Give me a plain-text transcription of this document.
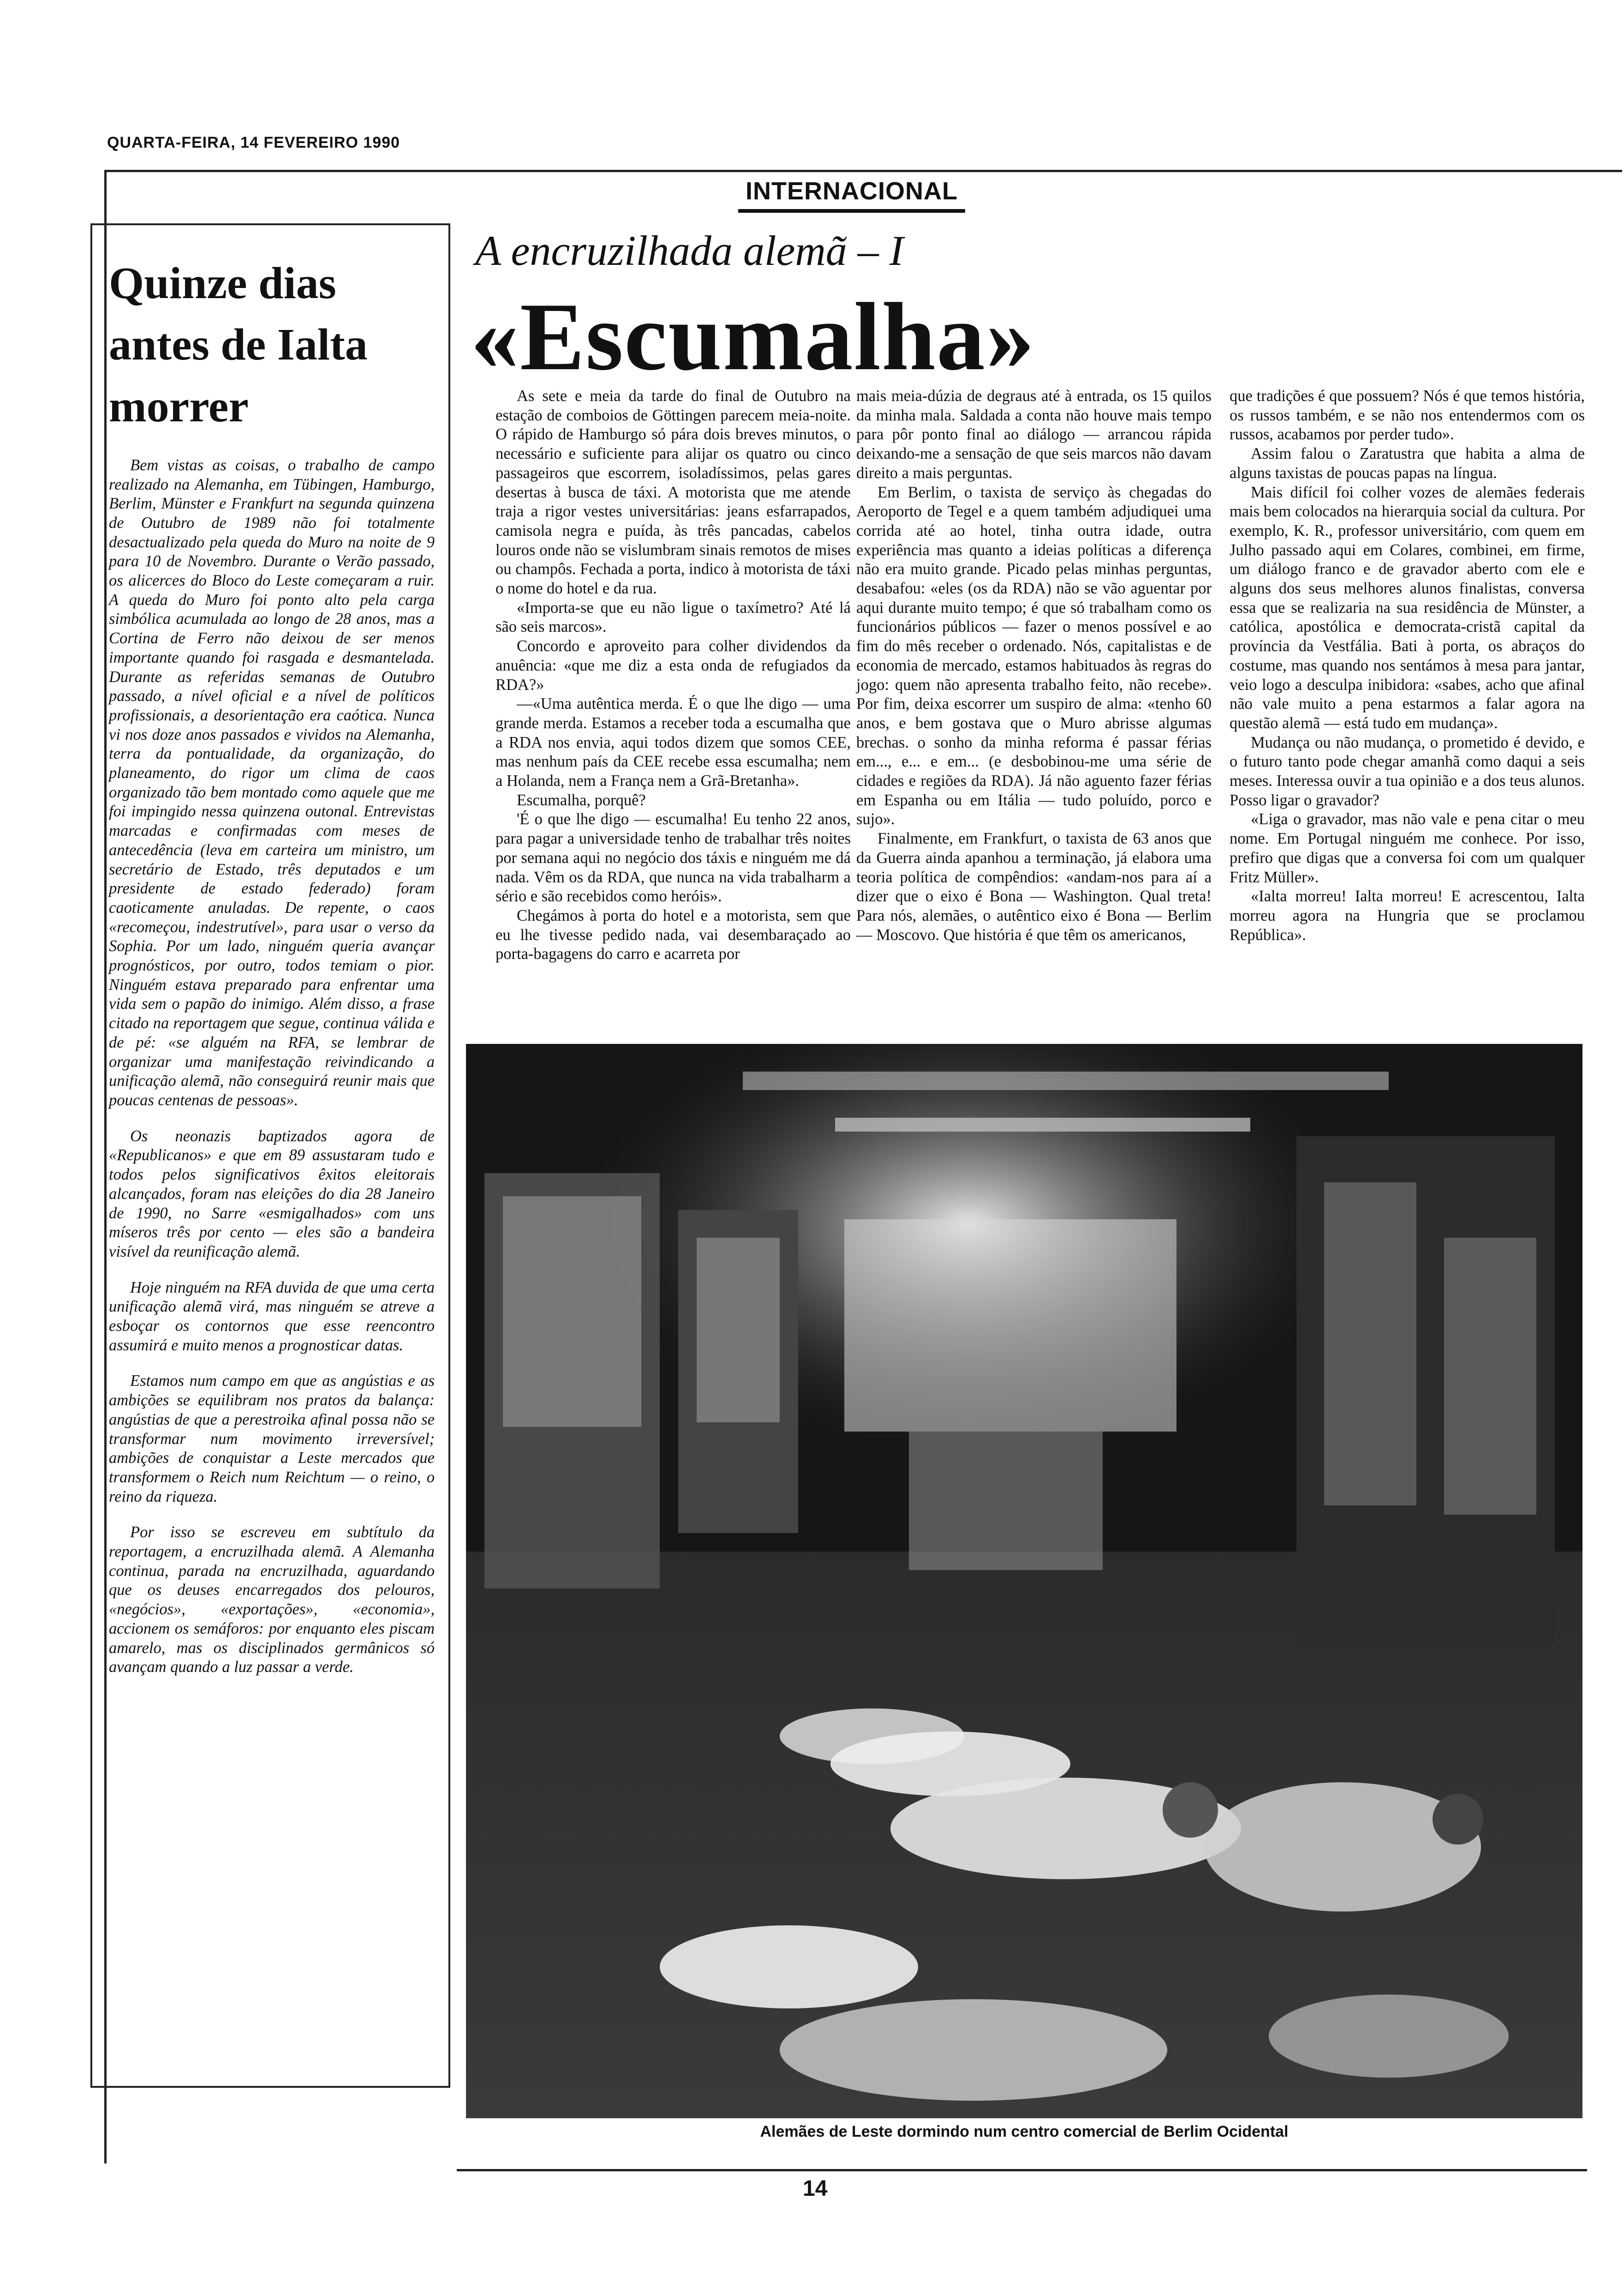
QUARTA-FEIRA, 14 FEVEREIRO 1990
INTERNACIONAL
Quinze dias antes de Ialta morrer

Bem vistas as coisas, o trabalho de campo realizado na Alemanha, em Tübingen, Hamburgo, Berlim, Münster e Frankfurt na segunda quinzena de Outubro de 1989 não foi totalmente desactualizado pela queda do Muro na noite de 9 para 10 de Novembro. Durante o Verão passado, os alicerces do Bloco do Leste começaram a ruir. A queda do Muro foi ponto alto pela carga simbólica acumulada ao longo de 28 anos, mas a Cortina de Ferro não deixou de ser menos importante quando foi rasgada e desmantelada. Durante as referidas semanas de Outubro passado, a nível oficial e a nível de políticos profissionais, a desorientação era caótica. Nunca vi nos doze anos passados e vividos na Alemanha, terra da pontualidade, da organização, do planeamento, do rigor um clima de caos organizado tão bem montado como aquele que me foi impingido nessa quinzena outonal. Entrevistas marcadas e confirmadas com meses de antecedência (leva em carteira um ministro, um secretário de Estado, três deputados e um presidente de estado federado) foram caoticamente anuladas. De repente, o caos «recomeçou, indestrutível», para usar o verso da Sophia. Por um lado, ninguém queria avançar prognósticos, por outro, todos temiam o pior. Ninguém estava preparado para enfrentar uma vida sem o papão do inimigo. Além disso, a frase citado na reportagem que segue, continua válida e de pé: «se alguém na RFA, se lembrar de organizar uma manifestação reivindicando a unificação alemã, não conseguirá reunir mais que poucas centenas de pessoas».

Os neonazis baptizados agora de «Republicanos» e que em 89 assustaram tudo e todos pelos significativos êxitos eleitorais alcançados, foram nas eleições do dia 28 Janeiro de 1990, no Sarre «esmigalhados» com uns míseros três por cento — eles são a bandeira visível da reunificação alemã.

Hoje ninguém na RFA duvida de que uma certa unificação alemã virá, mas ninguém se atreve a esboçar os contornos que esse reencontro assumirá e muito menos a prognosticar datas.

Estamos num campo em que as angústias e as ambições se equilibram nos pratos da balança: angústias de que a perestroika afinal possa não se transformar num movimento irreversível; ambições de conquistar a Leste mercados que transformem o Reich num Reichtum — o reino, o reino da riqueza.

Por isso se escreveu em subtítulo da reportagem, a encruzilhada alemã. A Alemanha continua, parada na encruzilhada, aguardando que os deuses encarregados dos pelouros, «negócios», «exportações», «economia», accionem os semáforos: por enquanto eles piscam amarelo, mas os disciplinados germânicos só avançam quando a luz passar a verde.

A encruzilhada alemã – I
«Escumalha»

As sete e meia da tarde do final de Outubro na estação de comboios de Göttingen parecem meia-noite. O rápido de Hamburgo só pára dois breves minutos, o necessário e suficiente para alijar os quatro ou cinco passageiros que escorrem, isoladíssimos, pelas gares desertas à busca de táxi. A motorista que me atende traja a rigor vestes universitárias: jeans esfarrapados, camisola negra e puída, às três pancadas, cabelos louros onde não se vislumbram sinais remotos de mises ou champôs. Fechada a porta, indico à motorista de táxi o nome do hotel e da rua.

«Importa-se que eu não ligue o taxímetro? Até lá são seis marcos».

Concordo e aproveito para colher dividendos da anuência: «que me diz a esta onda de refugiados da RDA?»

—«Uma autêntica merda. É o que lhe digo — uma grande merda. Estamos a receber toda a escumalha que a RDA nos envia, aqui todos dizem que somos CEE, mas nenhum país da CEE recebe essa escumalha; nem a Holanda, nem a França nem a Grã-Bretanha».

Escumalha, porquê?

'É o que lhe digo — escumalha! Eu tenho 22 anos, para pagar a universidade tenho de trabalhar três noites por semana aqui no negócio dos táxis e ninguém me dá nada. Vêm os da RDA, que nunca na vida trabalharm a sério e são recebidos como heróis».

Chegámos à porta do hotel e a motorista, sem que eu lhe tivesse pedido nada, vai desembaraçado ao porta-bagagens do carro e acarreta por

mais meia-dúzia de degraus até à entrada, os 15 quilos da minha mala. Saldada a conta não houve mais tempo para pôr ponto final ao diálogo — arrancou rápida deixando-me a sensação de que seis marcos não davam direito a mais perguntas.

Em Berlim, o taxista de serviço às chegadas do Aeroporto de Tegel e a quem também adjudiquei uma corrida até ao hotel, tinha outra idade, outra experiência mas quanto a ideias políticas a diferença não era muito grande. Picado pelas minhas perguntas, desabafou: «eles (os da RDA) não se vão aguentar por aqui durante muito tempo; é que só trabalham como os funcionários públicos — fazer o menos possível e ao fim do mês receber o ordenado. Nós, capitalistas e de economia de mercado, estamos habituados às regras do jogo: quem não apresenta trabalho feito, não recebe». Por fim, deixa escorrer um suspiro de alma: «tenho 60 anos, e bem gostava que o Muro abrisse algumas brechas. o sonho da minha reforma é passar férias em..., e... e em... (e desbobinou-me uma série de cidades e regiões da RDA). Já não aguento fazer férias em Espanha ou em Itália — tudo poluído, porco e sujo».

Finalmente, em Frankfurt, o taxista de 63 anos que da Guerra ainda apanhou a terminação, já elabora uma teoria política de compêndios: «andam-nos para aí a dizer que o eixo é Bona — Washington. Qual treta! Para nós, alemães, o autêntico eixo é Bona — Berlim — Moscovo. Que história é que têm os americanos,

que tradições é que possuem? Nós é que temos história, os russos também, e se não nos entendermos com os russos, acabamos por perder tudo».

Assim falou o Zaratustra que habita a alma de alguns taxistas de poucas papas na língua.

Mais difícil foi colher vozes de alemães federais mais bem colocados na hierarquia social da cultura. Por exemplo, K. R., professor universitário, com quem em Julho passado aqui em Colares, combinei, em firme, um diálogo franco e de gravador aberto com ele e alguns dos seus melhores alunos finalistas, conversa essa que se realizaria na sua residência de Münster, a católica, apostólica e democrata-cristã capital da província da Vestfália. Bati à porta, os abraços do costume, mas quando nos sentámos à mesa para jantar, veio logo a desculpa inibidora: «sabes, acho que afinal não vale muito a pena estarmos a falar agora na questão alemã — está tudo em mudança».

Mudança ou não mudança, o prometido é devido, e o futuro tanto pode chegar amanhã como daqui a seis meses. Interessa ouvir a tua opinião e a dos teus alunos. Posso ligar o gravador?

«Liga o gravador, mas não vale e pena citar o meu nome. Em Portugal ninguém me conhece. Por isso, prefiro que digas que a conversa foi com um qualquer Fritz Müller».

«Ialta morreu! Ialta morreu! E acrescentou, Ialta morreu agora na Hungria que se proclamou República».

Alemães de Leste dormindo num centro comercial de Berlim Ocidental
14
